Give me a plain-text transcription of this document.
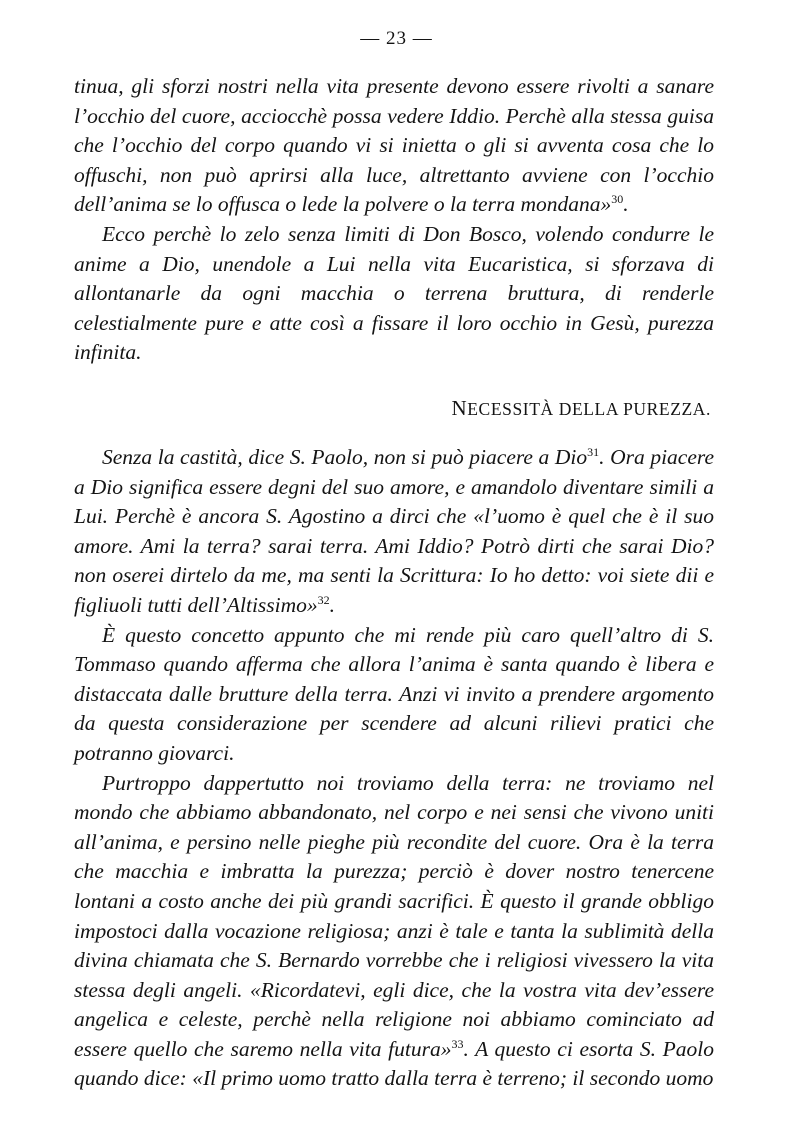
— 23 —

tinua, gli sforzi nostri nella vita presente devono essere rivolti a sanare l’occhio del cuore, acciocchè possa vedere Iddio. Perchè alla stessa guisa che l’occhio del corpo quando vi si inietta o gli si avventa cosa che lo offuschi, non può aprirsi alla luce, altrettanto avviene con l’occhio dell’anima se lo offusca o lede la polvere o la terra mondana»$^{30}$.

Ecco perchè lo zelo senza limiti di Don Bosco, volendo condurre le anime a Dio, unendole a Lui nella vita Eucaristica, si sforzava di allontanarle da ogni macchia o terrena bruttura, di renderle celestialmente pure e atte così a fissare il loro occhio in Gesù, purezza infinita.

NECESSITÀ DELLA PUREZZA.

Senza la castità, dice S. Paolo, non si può piacere a Dio$^{31}$. Ora piacere a Dio significa essere degni del suo amore, e amandolo diventare simili a Lui. Perchè è ancora S. Agostino a dirci che «l’uomo è quel che è il suo amore. Ami la terra? sarai terra. Ami Iddio? Potrò dirti che sarai Dio? non oserei dirtelo da me, ma senti la Scrittura: Io ho detto: voi siete dii e figliuoli tutti dell’Altissimo»$^{32}$.

È questo concetto appunto che mi rende più caro quell’altro di S. Tommaso quando afferma che allora l’anima è santa quando è libera e distaccata dalle brutture della terra. Anzi vi invito a prendere argomento da questa considerazione per scendere ad alcuni rilievi pratici che potranno giovarci.

Purtroppo dappertutto noi troviamo della terra: ne troviamo nel mondo che abbiamo abbandonato, nel corpo e nei sensi che vivono uniti all’anima, e persino nelle pieghe più recondite del cuore. Ora è la terra che macchia e imbratta la purezza; perciò è dover nostro tenercene lontani a costo anche dei più grandi sacrifici. È questo il grande obbligo impostoci dalla vocazione religiosa; anzi è tale e tanta la sublimità della divina chiamata che S. Bernardo vorrebbe che i religiosi vivessero la vita stessa degli angeli. «Ricordatevi, egli dice, che la vostra vita dev’essere angelica e celeste, perchè nella religione noi abbiamo cominciato ad essere quello che saremo nella vita futura»$^{33}$. A questo ci esorta S. Paolo quando dice: «Il primo uomo tratto dalla terra è terreno; il secondo uomo
